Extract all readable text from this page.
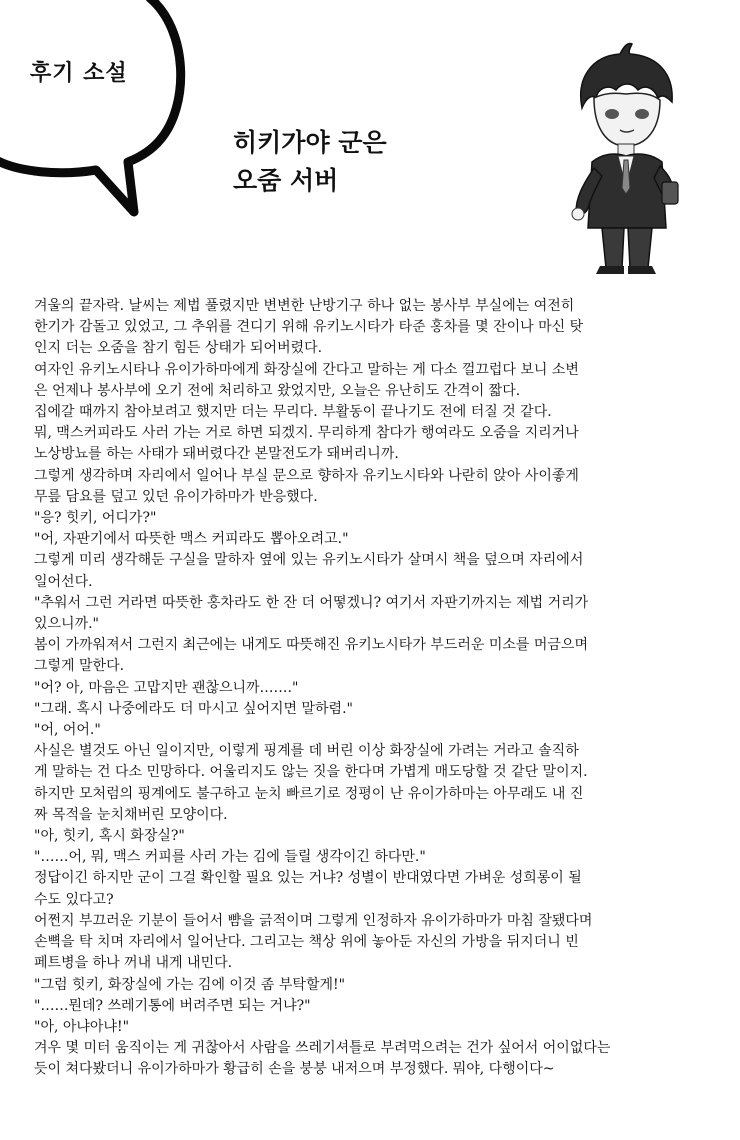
후기 소설
히키가야 군은
오줌 서버
겨울의 끝자락. 날씨는 제법 풀렸지만 변변한 난방기구 하나 없는 봉사부 부실에는 여전히
한기가 감돌고 있었고, 그 추위를 견디기 위해 유키노시타가 타준 홍차를 몇 잔이나 마신 탓
인지 더는 오줌을 참기 힘든 상태가 되어버렸다.
여자인 유키노시타나 유이가하마에게 화장실에 간다고 말하는 게 다소 껄끄럽다 보니 소변
은 언제나 봉사부에 오기 전에 처리하고 왔었지만, 오늘은 유난히도 간격이 짧다.
집에갈 때까지 참아보려고 했지만 더는 무리다. 부활동이 끝나기도 전에 터질 것 같다.
뭐, 맥스커피라도 사러 가는 거로 하면 되겠지. 무리하게 참다가 행여라도 오줌을 지리거나
노상방뇨를 하는 사태가 돼버렸다간 본말전도가 돼버리니까.
그렇게 생각하며 자리에서 일어나 부실 문으로 향하자 유키노시타와 나란히 앉아 사이좋게
무릎 담요를 덮고 있던 유이가하마가 반응했다.
"응? 힛키, 어디가?"
"어, 자판기에서 따뜻한 맥스 커피라도 뽑아오려고."
그렇게 미리 생각해둔 구실을 말하자 옆에 있는 유키노시타가 살며시 책을 덮으며 자리에서
일어선다.
"추워서 그런 거라면 따뜻한 홍차라도 한 잔 더 어떻겠니? 여기서 자판기까지는 제법 거리가
있으니까."
봄이 가까워져서 그런지 최근에는 내게도 따뜻해진 유키노시타가 부드러운 미소를 머금으며
그렇게 말한다.
"어? 아, 마음은 고맙지만 괜찮으니까……."
"그래. 혹시 나중에라도 더 마시고 싶어지면 말하렴."
"어, 어어."
사실은 별것도 아닌 일이지만, 이렇게 핑계를 데 버린 이상 화장실에 가려는 거라고 솔직하
게 말하는 건 다소 민망하다. 어울리지도 않는 짓을 한다며 가볍게 매도당할 것 같단 말이지.
하지만 모처럼의 핑계에도 불구하고 눈치 빠르기로 정평이 난 유이가하마는 아무래도 내 진
짜 목적을 눈치채버린 모양이다.
"아, 힛키, 혹시 화장실?"
"……어, 뭐, 맥스 커피를 사러 가는 김에 들릴 생각이긴 하다만."
정답이긴 하지만 군이 그걸 확인할 필요 있는 거냐? 성별이 반대였다면 가벼운 성희롱이 될
수도 있다고?
어쩐지 부끄러운 기분이 들어서 뺨을 긁적이며 그렇게 인정하자 유이가하마가 마침 잘됐다며
손뼉을 탁 치며 자리에서 일어난다. 그리고는 책상 위에 놓아둔 자신의 가방을 뒤지더니 빈
페트병을 하나 꺼내 내게 내민다.
"그럼 힛키, 화장실에 가는 김에 이것 좀 부탁할게!"
"……뭔데? 쓰레기통에 버려주면 되는 거냐?"
"아, 아냐아냐!"
겨우 몇 미터 움직이는 게 귀찮아서 사람을 쓰레기셔틀로 부려먹으려는 건가 싶어서 어이없다는
듯이 쳐다봤더니 유이가하마가 황급히 손을 붕붕 내저으며 부정했다. 뭐야, 다행이다~
